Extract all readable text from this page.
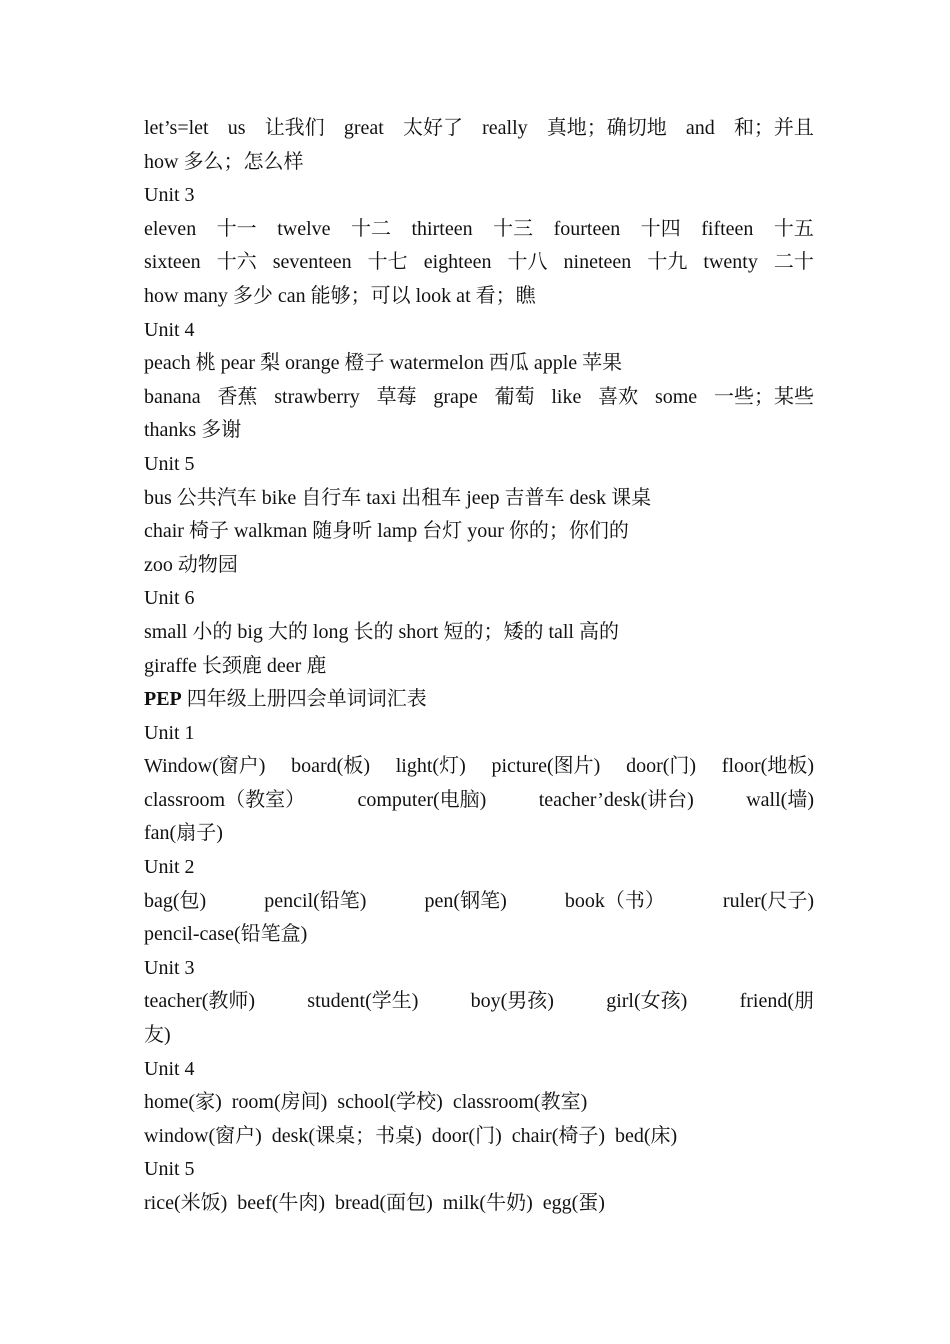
let’s=let us 让我们 great 太好了 really 真地；确切地 and 和；并且
how 多么；怎么样
Unit 3
eleven 十一 twelve 十二 thirteen 十三 fourteen 十四 fifteen 十五
sixteen 十六 seventeen 十七 eighteen 十八 nineteen 十九 twenty 二十
how many 多少 can 能够；可以 look at 看；瞧
Unit 4
peach 桃 pear 梨 orange 橙子 watermelon 西瓜 apple 苹果
banana 香蕉 strawberry 草莓 grape 葡萄 like 喜欢 some 一些；某些
thanks 多谢
Unit 5
bus 公共汽车 bike 自行车 taxi 出租车 jeep 吉普车 desk 课桌
chair 椅子 walkman 随身听 lamp 台灯 your 你的；你们的
zoo 动物园
Unit 6
small 小的 big 大的 long 长的 short 短的；矮的 tall 高的
giraffe 长颈鹿 deer 鹿
PEP 四年级上册四会单词词汇表
Unit 1
Window(窗户) board(板) light(灯) picture(图片) door(门) floor(地板)
classroom（教室）	computer(电脑)	teacher’desk(讲台)	wall(墙)
fan(扇子)
Unit 2
bag(包)	pencil(铅笔)	pen(钢笔)	book（书）	ruler(尺子)
pencil-case(铅笔盒)
Unit 3
teacher(教师)	student(学生)	boy(男孩)	girl(女孩)	friend(朋
友)
Unit 4
home(家)  room(房间)  school(学校)  classroom(教室)
window(窗户)  desk(课桌；书桌)  door(门)  chair(椅子)  bed(床)
Unit 5
rice(米饭)  beef(牛肉)  bread(面包)  milk(牛奶)  egg(蛋)
